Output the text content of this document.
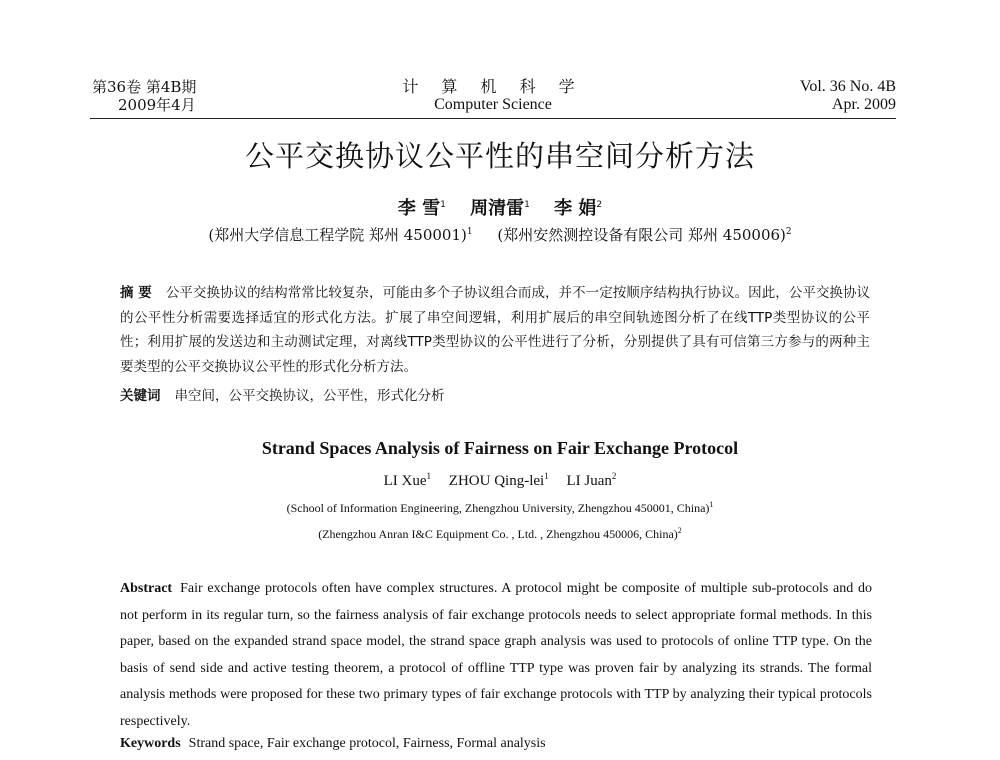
第36卷 第4B期
2009年4月
计 算 机 科 学
Computer Science
Vol. 36 No. 4B
Apr. 2009
公平交换协议公平性的串空间分析方法
李 雪$^1$ 周清雷$^1$ 李 娟$^2$
(郑州大学信息工程学院 郑州 450001)$^1$ (郑州安然测控设备有限公司 郑州 450006)$^2$
摘 要 公平交换协议的结构常常比较复杂，可能由多个子协议组合而成，并不一定按顺序结构执行协议。因此，公平交换协议的公平性分析需要选择适宜的形式化方法。扩展了串空间逻辑，利用扩展后的串空间轨迹图分析了在线TTP类型协议的公平性；利用扩展的发送边和主动测试定理，对离线TTP类型协议的公平性进行了分析，分别提供了具有可信第三方参与的两种主要类型的公平交换协议公平性的形式化分析方法。
关键词 串空间，公平交换协议，公平性，形式化分析
Strand Spaces Analysis of Fairness on Fair Exchange Protocol
LI Xue$^1$ ZHOU Qing-lei$^1$ LI Juan$^2$
(School of Information Engineering, Zhengzhou University, Zhengzhou 450001, China)$^1$
(Zhengzhou Anran I&C Equipment Co. , Ltd. , Zhengzhou 450006, China)$^2$
Abstract Fair exchange protocols often have complex structures. A protocol might be composite of multiple sub-protocols and do not perform in its regular turn, so the fairness analysis of fair exchange protocols needs to select appropriate formal methods. In this paper, based on the expanded strand space model, the strand space graph analysis was used to protocols of online TTP type. On the basis of send side and active testing theorem, a protocol of offline TTP type was proven fair by analyzing its strands. The formal analysis methods were proposed for these two primary types of fair exchange protocols with TTP by analyzing their typical protocols respectively.
Keywords Strand space, Fair exchange protocol, Fairness, Formal analysis
